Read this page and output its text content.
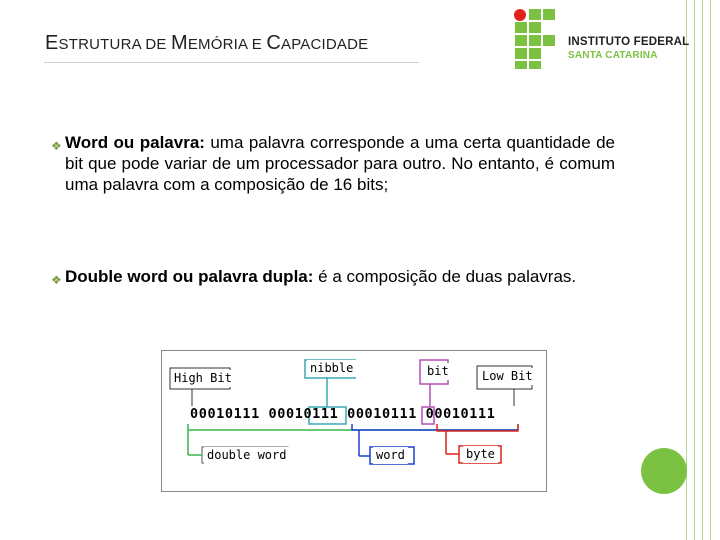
ESTRUTURA DE MEMÓRIA E CAPACIDADE	INSTITUTO FEDERAL
SANTA CATARINA
❖ Word ou palavra: uma palavra corresponde a uma certa quantidade de bit que pode variar de um processador para outro. No entanto, é comum uma palavra com a composição de 16 bits;
❖ Double word ou palavra dupla: é a composição de duas palavras.
00010111 00010111 00010111 00010111
High Bit
nibble	bit	Low Bit
double word	word	byte
